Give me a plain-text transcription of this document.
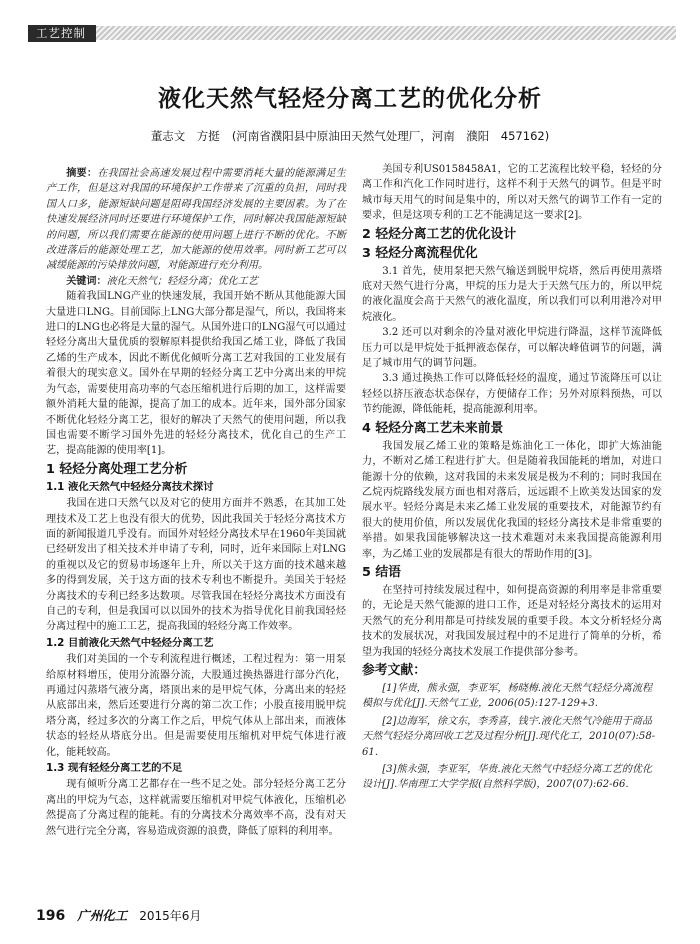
工艺控制
液化天然气轻烃分离工艺的优化分析
董志文　方挺 (河南省濮阳县中原油田天然气处理厂，河南　濮阳　457162)

摘要：在我国社会高速发展过程中需要消耗大量的能源满足生产工作，但是这对我国的环境保护工作带来了沉重的负担，同时我国人口多，能源短缺问题是阻碍我国经济发展的主要因素。为了在快速发展经济同时还要进行环境保护工作，同时解决我国能源短缺的问题，所以我们需要在能源的使用问题上进行不断的优化。不断改进落后的能源处理工艺，加大能源的使用效率。同时新工艺可以减缓能源的污染排放问题，对能源进行充分利用。

关键词：液化天然气；轻烃分离；优化工艺

随着我国LNG产业的快速发展，我国开始不断从其他能源大国大量进口LNG。目前国际上LNG大部分都是湿气，所以，我国将来进口的LNG也必将是大量的湿气。从国外进口的LNG湿气可以通过轻烃分离出大量优质的裂解原料提供给我国乙烯工业，降低了我国乙烯的生产成本，因此不断优化倾听分离工艺对我国的工业发展有着很大的现实意义。国外在早期的轻烃分离工艺中分离出来的甲烷为气态，需要使用高功率的气态压缩机进行后期的加工，这样需要额外消耗大量的能源，提高了加工的成本。近年来，国外部分国家不断优化轻烃分离工艺，很好的解决了天然气的使用问题，所以我国也需要不断学习国外先进的轻烃分离技术，优化自己的生产工艺，提高能源的使用率[1]。

1 轻烃分离处理工艺分析
1.1 液化天然气中轻烃分离技术探讨

我国在进口天然气以及对它的使用方面并不熟悉，在其加工处理技术及工艺上也没有很大的优势，因此我国关于轻烃分离技术方面的新闻报道几乎没有。而国外对轻烃分离技术早在1960年美国就已经研发出了相关技术并申请了专利，同时，近年来国际上对LNG的重视以及它的贸易市场逐年上升，所以关于这方面的技术越来越多的得到发展，关于这方面的技术专利也不断提升。美国关于轻烃分离技术的专利已经多达数项。尽管我国在轻烃分离技术方面没有自己的专利，但是我国可以以国外的技术为指导优化目前我国轻烃分离过程中的施工工艺，提高我国的轻烃分离工作效率。

1.2 目前液化天然气中轻烃分离工艺

我们对美国的一个专利流程进行概述，工程过程为：第一用泵给原材料增压，使用分流器分流，大股通过换热器进行部分汽化，再通过闪蒸塔气液分离，塔顶出来的是甲烷气体，分离出来的轻烃从底部出来，然后还要进行分离的第二次工作；小股直接用脱甲烷塔分离，经过多次的分离工作之后，甲烷气体从上部出来，而液体状态的轻烃从塔底分出。但是需要使用压缩机对甲烷气体进行液化，能耗较高。

1.3 现有轻烃分离工艺的不足

现有倾听分离工艺都存在一些不足之处。部分轻烃分离工艺分离出的甲烷为气态，这样就需要压缩机对甲烷气体液化，压缩机必然提高了分离过程的能耗。有的分离技术分离效率不高，没有对天然气进行完全分离，容易造成资源的浪费，降低了原料的利用率。

美国专利US0158458A1，它的工艺流程比较平稳，轻烃的分离工作和汽化工作同时进行，这样不利于天然气的调节。但是平时城市每天用气的时间是集中的，所以对天然气的调节工作有一定的要求，但是这项专利的工艺不能满足这一要求[2]。

2 轻烃分离工艺的优化设计
3 轻烃分离流程优化

3.1 首先，使用泵把天然气输送到脱甲烷塔，然后再使用蒸塔底对天然气进行分离，甲烷的压力是大于天然气压力的，所以甲烷的液化温度会高于天然气的液化温度，所以我们可以利用港冷对甲烷液化。

3.2 还可以对剩余的冷量对液化甲烷进行降温，这样节流降低压力可以是甲烷处于抵押液态保存，可以解决峰值调节的问题，满足了城市用气的调节问题。

3.3 通过换热工作可以降低轻烃的温度，通过节流降压可以让轻烃以挤压液态状态保存，方便储存工作；另外对原料预热，可以节约能源，降低能耗，提高能源利用率。

4 轻烃分离工艺未来前景

我国发展乙烯工业的策略是炼油化工一体化，即扩大炼油能力，不断对乙烯工程进行扩大。但是随着我国能耗的增加，对进口能源十分的依赖，这对我国的未来发展是极为不利的；同时我国在乙烷丙烷路线发展方面也相对落后，远远跟不上欧美发达国家的发展水平。轻烃分离是未来乙烯工业发展的重要技术，对能源节约有很大的使用价值，所以发展优化我国的轻烃分离技术是非常重要的举措。如果我国能够解决这一技术难题对未来我国提高能源利用率，为乙烯工业的发展都是有很大的帮助作用的[3]。

5 结语

在坚持可持续发展过程中，如何提高资源的利用率是非常重要的，无论是天然气能源的进口工作，还是对轻烃分离技术的运用对天然气的充分利用都是可持续发展的重要手段。本文分析轻烃分离技术的发展状况，对我国发展过程中的不足进行了简单的分析，希望为我国的轻烃分离技术发展工作提供部分参考。

参考文献：

[1]华贵，熊永强，李亚军，杨晓梅.液化天然气轻烃分离流程模拟与优化[J].天然气工业，2006(05):127-129+3.

[2]边海军，徐文东，李秀喜，钱宇.液化天然气冷能用于商品天然气轻烃分离回收工艺及过程分析[J].现代化工，2010(07):58-61.

[3]熊永强，李亚军，华贵.液化天然气中轻烃分离工艺的优化设计[J].华南理工大学学报(自然科学版)，2007(07):62-66.

196 广州化工 2015年6月
